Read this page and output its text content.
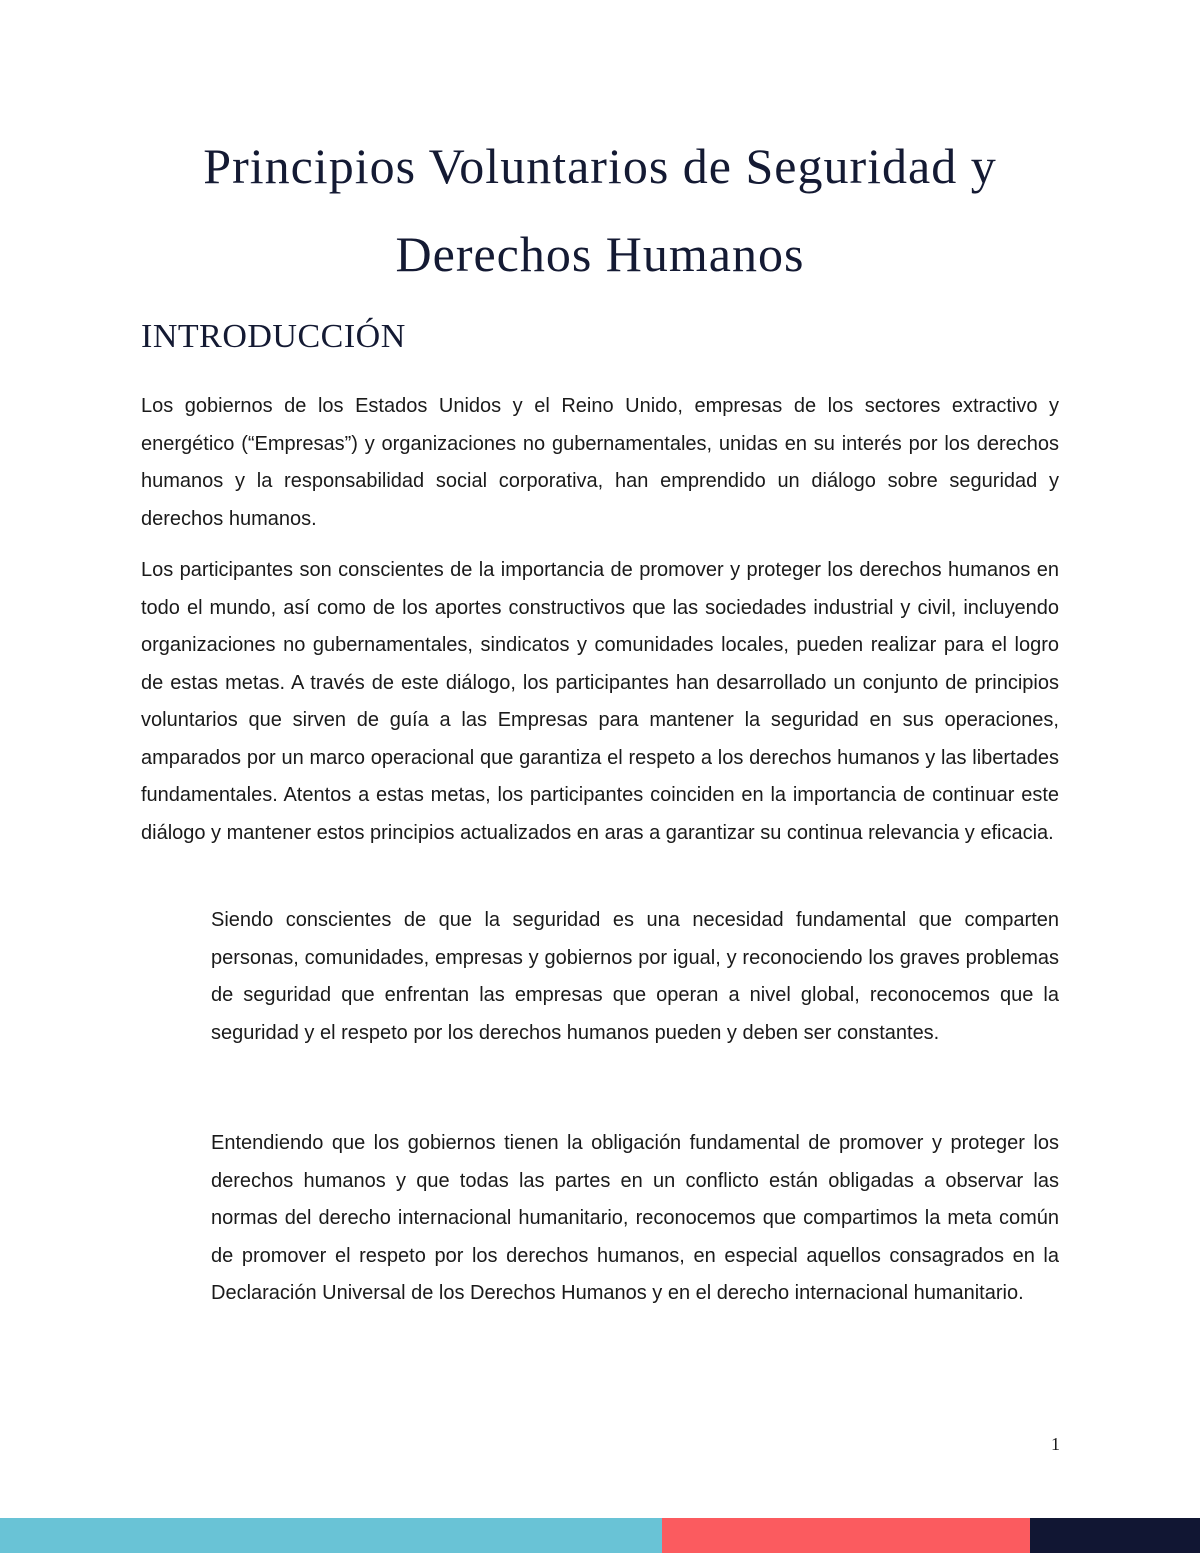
Principios Voluntarios de Seguridad y Derechos Humanos
INTRODUCCIÓN

Los gobiernos de los Estados Unidos y el Reino Unido, empresas de los sectores extractivo y energético (“Empresas”) y organizaciones no gubernamentales, unidas en su interés por los derechos humanos y la responsabilidad social corporativa, han emprendido un diálogo sobre seguridad y derechos humanos.

Los participantes son conscientes de la importancia de promover y proteger los derechos humanos en todo el mundo, así como de los aportes constructivos que las sociedades industrial y civil, incluyendo organizaciones no gubernamentales, sindicatos y comunidades locales, pueden realizar para el logro de estas metas. A través de este diálogo, los participantes han desarrollado un conjunto de principios voluntarios que sirven de guía a las Empresas para mantener la seguridad en sus operaciones, amparados por un marco operacional que garantiza el respeto a los derechos humanos y las libertades fundamentales. Atentos a estas metas, los participantes coinciden en la importancia de continuar este diálogo y mantener estos principios actualizados en aras a garantizar su continua relevancia y eficacia.

Siendo conscientes de que la seguridad es una necesidad fundamental que comparten personas, comunidades, empresas y gobiernos por igual, y reconociendo los graves problemas de seguridad que enfrentan las empresas que operan a nivel global, reconocemos que la seguridad y el respeto por los derechos humanos pueden y deben ser constantes.

Entendiendo que los gobiernos tienen la obligación fundamental de promover y proteger los derechos humanos y que todas las partes en un conflicto están obligadas a observar las normas del derecho internacional humanitario, reconocemos que compartimos la meta común de promover el respeto por los derechos humanos, en especial aquellos consagrados en la Declaración Universal de los Derechos Humanos y en el derecho internacional humanitario.

1
